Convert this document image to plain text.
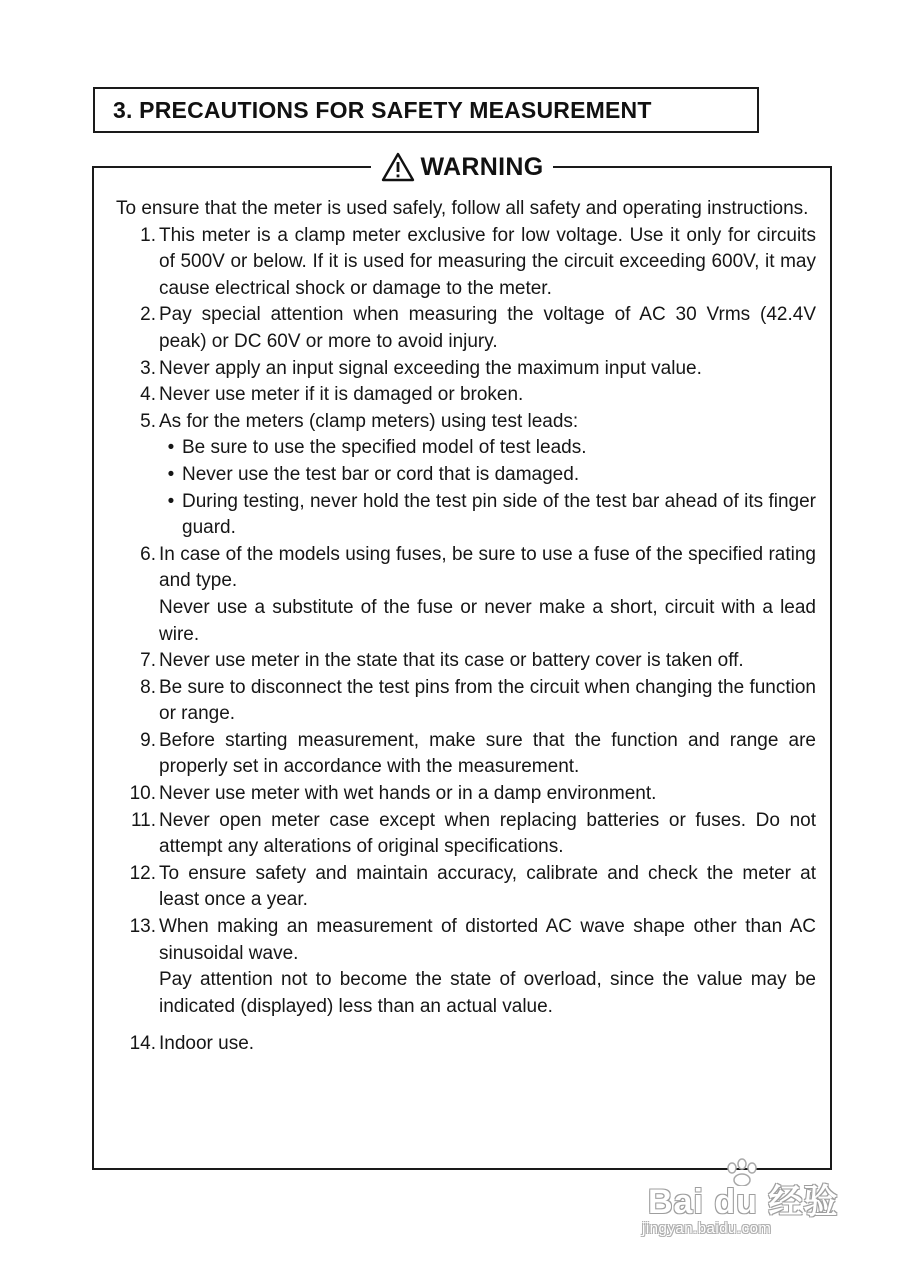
3. PRECAUTIONS FOR SAFETY MEASUREMENT
WARNING

To ensure that the meter is used safely, follow all safety and operating instructions.

1. This meter is a clamp meter exclusive for low voltage. Use it only for circuits of 500V or below. If it is used for measuring the circuit exceeding 600V, it may cause electrical shock or damage to the meter.
2. Pay special attention when measuring the voltage of AC 30 Vrms (42.4V peak) or DC 60V or more to avoid injury.
3. Never apply an input signal exceeding the maximum input value.
4. Never use meter if it is damaged or broken.
5. As for the meters (clamp meters) using test leads:
• Be sure to use the specified model of test leads.
• Never use the test bar or cord that is damaged.
• During testing, never hold the test pin side of the test bar ahead of its finger guard.
6. In case of the models using fuses, be sure to use a fuse of the specified rating and type.
Never use a substitute of the fuse or never make a short, circuit with a lead wire.
7. Never use meter in the state that its case or battery cover is taken off.
8. Be sure to disconnect the test pins from the circuit when changing the function or range.
9. Before starting measurement, make sure that the function and range are properly set in accordance with the measurement.
10. Never use meter with wet hands or in a damp environment.
11. Never open meter case except when replacing batteries or fuses. Do not attempt any alterations of original specifications.
12. To ensure safety and maintain accuracy, calibrate and check the meter at least once a year.
13. When making an measurement of distorted AC wave shape other than AC sinusoidal wave.
Pay attention not to become the state of overload, since the value may be indicated (displayed) less than an actual value.
14. Indoor use.
Bai du 经验
jingyan.baidu.com
